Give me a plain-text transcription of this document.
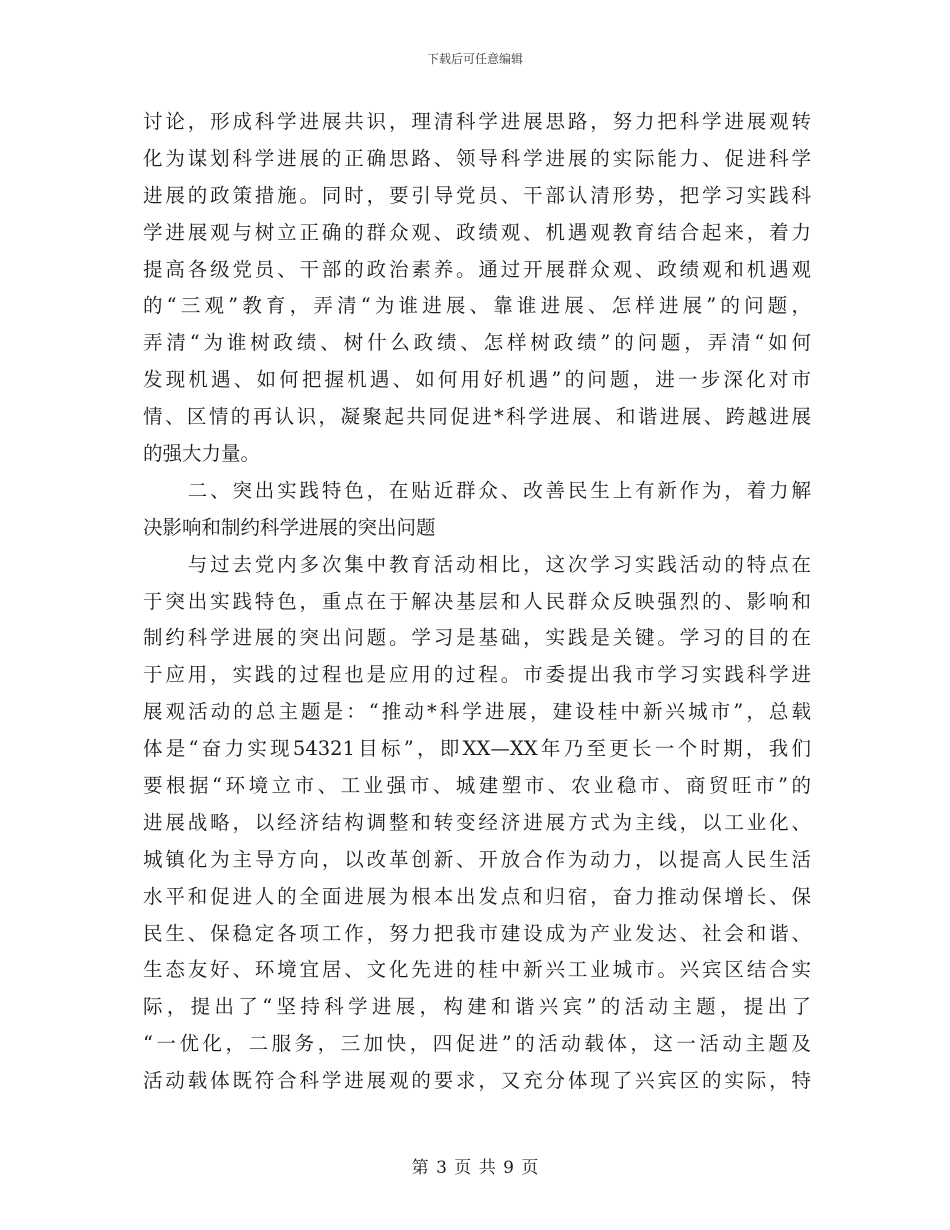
下载后可任意编辑
讨论，形成科学进展共识，理清科学进展思路，努力把科学进展观转
化为谋划科学进展的正确思路、领导科学进展的实际能力、促进科学
进展的政策措施。同时，要引导党员、干部认清形势，把学习实践科
学进展观与树立正确的群众观、政绩观、机遇观教育结合起来，着力
提高各级党员、干部的政治素养。通过开展群众观、政绩观和机遇观
的“三观”教育，弄清“为谁进展、靠谁进展、怎样进展”的问题，
弄清“为谁树政绩、树什么政绩、怎样树政绩”的问题，弄清“如何
发现机遇、如何把握机遇、如何用好机遇”的问题，进一步深化对市
情、区情的再认识，凝聚起共同促进*科学进展、和谐进展、跨越进展
的强大力量。
　　二、突出实践特色，在贴近群众、改善民生上有新作为，着力解
决影响和制约科学进展的突出问题
　　与过去党内多次集中教育活动相比，这次学习实践活动的特点在
于突出实践特色，重点在于解决基层和人民群众反映强烈的、影响和
制约科学进展的突出问题。学习是基础，实践是关键。学习的目的在
于应用，实践的过程也是应用的过程。市委提出我市学习实践科学进
展观活动的总主题是：“推动*科学进展，建设桂中新兴城市”，总载
体是“奋力实现54321目标”，即XX—XX年乃至更长一个时期，我们
要根据“环境立市、工业强市、城建塑市、农业稳市、商贸旺市”的
进展战略，以经济结构调整和转变经济进展方式为主线，以工业化、
城镇化为主导方向，以改革创新、开放合作为动力，以提高人民生活
水平和促进人的全面进展为根本出发点和归宿，奋力推动保增长、保
民生、保稳定各项工作，努力把我市建设成为产业发达、社会和谐、
生态友好、环境宜居、文化先进的桂中新兴工业城市。兴宾区结合实
际，提出了“坚持科学进展，构建和谐兴宾”的活动主题，提出了
“一优化，二服务，三加快，四促进”的活动载体，这一活动主题及
活动载体既符合科学进展观的要求，又充分体现了兴宾区的实际，特
第 3 页 共 9 页
